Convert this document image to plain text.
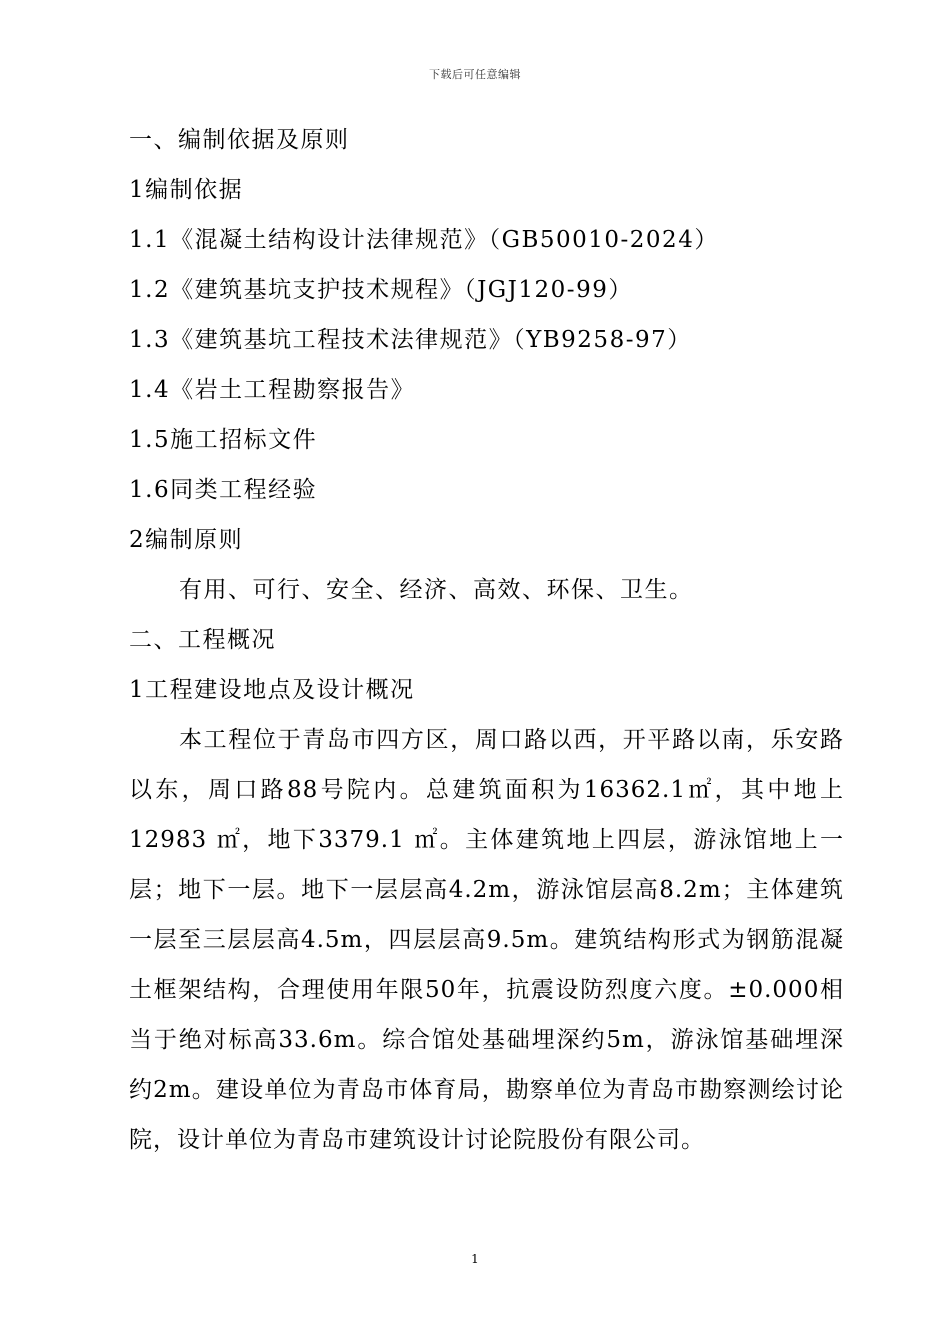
下载后可任意编辑
一、编制依据及原则
1编制依据
1.1《混凝土结构设计法律规范》（GB50010-2024）
1.2《建筑基坑支护技术规程》（JGJ120-99）
1.3《建筑基坑工程技术法律规范》（YB9258-97）
1.4《岩土工程勘察报告》
1.5施工招标文件
1.6同类工程经验
2编制原则
有用、可行、安全、经济、高效、环保、卫生。
二、工程概况
1工程建设地点及设计概况

本工程位于青岛市四方区，周口路以西，开平路以南，乐安路以东，周口路88号院内。总建筑面积为16362.1㎡，其中地上12983 ㎡，地下3379.1 ㎡。主体建筑地上四层，游泳馆地上一层；地下一层。地下一层层高4.2m，游泳馆层高8.2m；主体建筑一层至三层层高4.5m，四层层高9.5m。建筑结构形式为钢筋混凝土框架结构，合理使用年限50年，抗震设防烈度六度。±0.000相当于绝对标高33.6m。综合馆处基础埋深约5m，游泳馆基础埋深约2m。建设单位为青岛市体育局，勘察单位为青岛市勘察测绘讨论院，设计单位为青岛市建筑设计讨论院股份有限公司。

1
